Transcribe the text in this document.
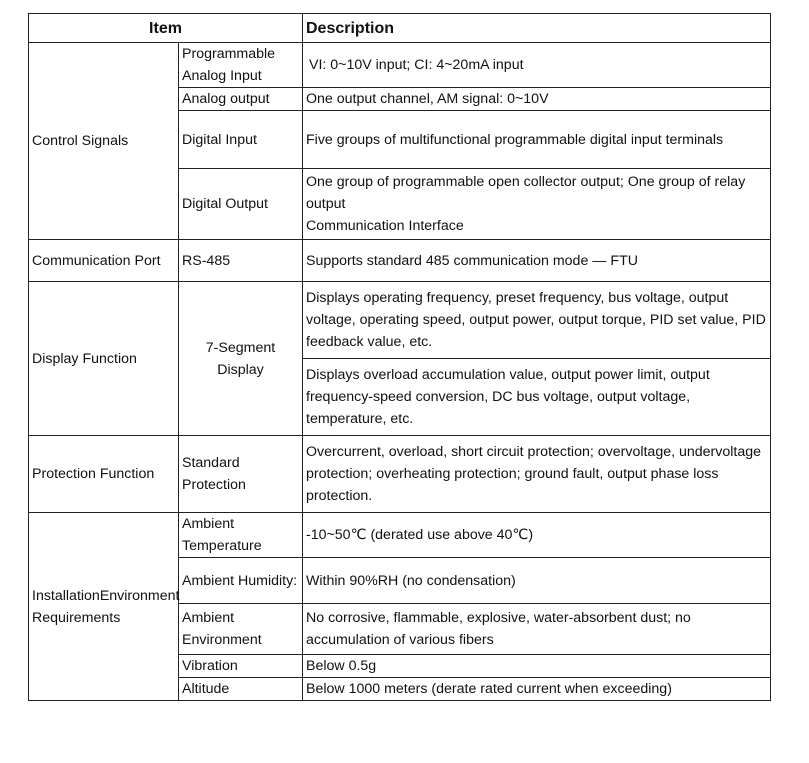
Item		Description
Control Signals	Programmable Analog Input	VI: 0~10V input; CI: 4~20mA input
	Analog output	One output channel, AM signal: 0~10V
	Digital Input	Five groups of multifunctional programmable digital input terminals
	Digital Output	One group of programmable open collector output; One group of relay output
Communication Interface

Communication Port	RS-485	Supports standard 485 communication mode — FTU
Display Function	7-Segment Display	Displays operating frequency, preset frequency, bus voltage, output voltage, operating speed, output power, output torque, PID set value, PID feedback value, etc.
		Displays overload accumulation value, output power limit, output frequency-speed conversion, DC bus voltage, output voltage, temperature, etc.
Protection Function	Standard Protection	Overcurrent, overload, short circuit protection; overvoltage, undervoltage protection; overheating protection; ground fault, output phase loss protection.
InstallationEnvironment Requirements	Ambient Temperature	-10~50℃ (derated use above 40℃)
	Ambient Humidity:	Within 90%RH (no condensation)
	Ambient Environment	No corrosive, flammable, explosive, water-absorbent dust; no accumulation of various fibers
	Vibration	Below 0.5g
	Altitude	Below 1000 meters (derate rated current when exceeding)
